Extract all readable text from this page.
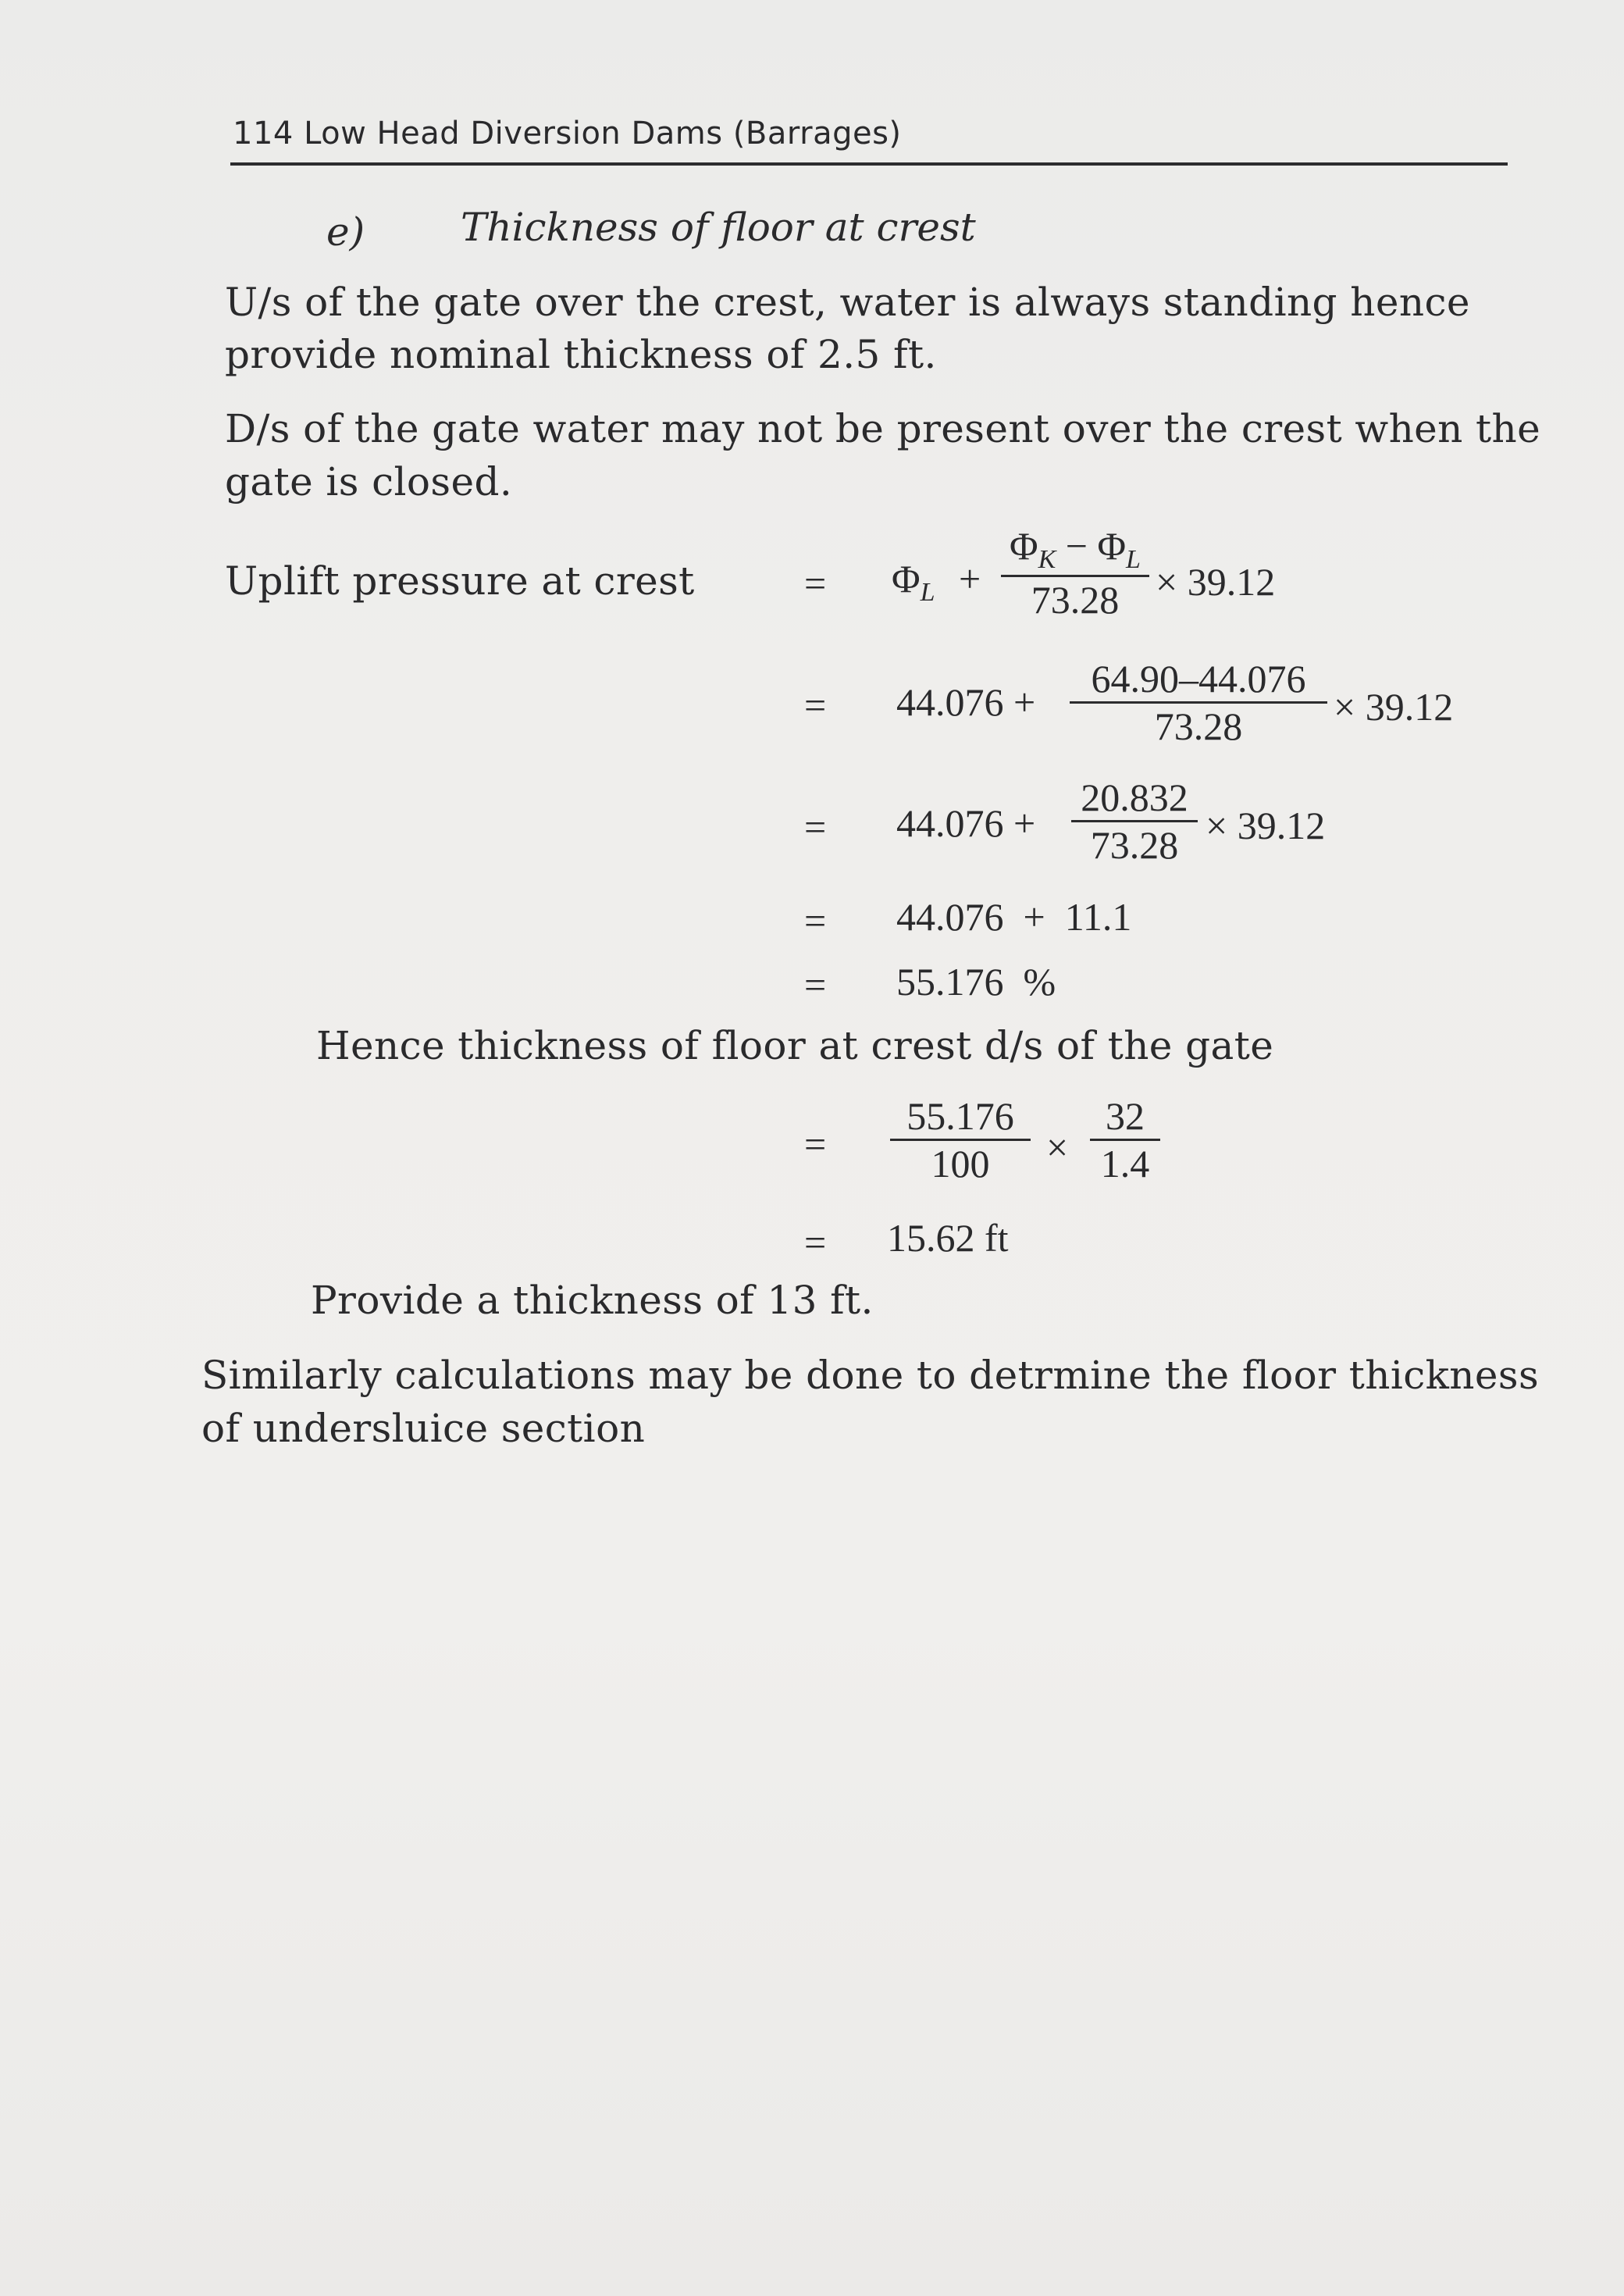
114 Low Head Diversion Dams (Barrages)
e) Thickness of floor at crest
U/s of the gate over the crest, water is always standing hence
provide nominal thickness of 2.5 ft.
D/s of the gate water may not be present over the crest when the
gate is closed.
Uplift pressure at crest	= $\Phi_L$ +
$\Phi_K - \Phi_L$
73.28 × 39.12
= 44.076 +
64.90–44.076
73.28	× 39.12
= 44.076 +
20.832
73.28 × 39.12
= 44.076  +  11.1
= 55.176  %
Hence thickness of floor at crest d/s of the gate
=
55.176
100	×
32
1.4
= 15.62 ft
Provide a thickness of 13 ft.
Similarly calculations may be done to detrmine the floor thickness
of undersluice section
